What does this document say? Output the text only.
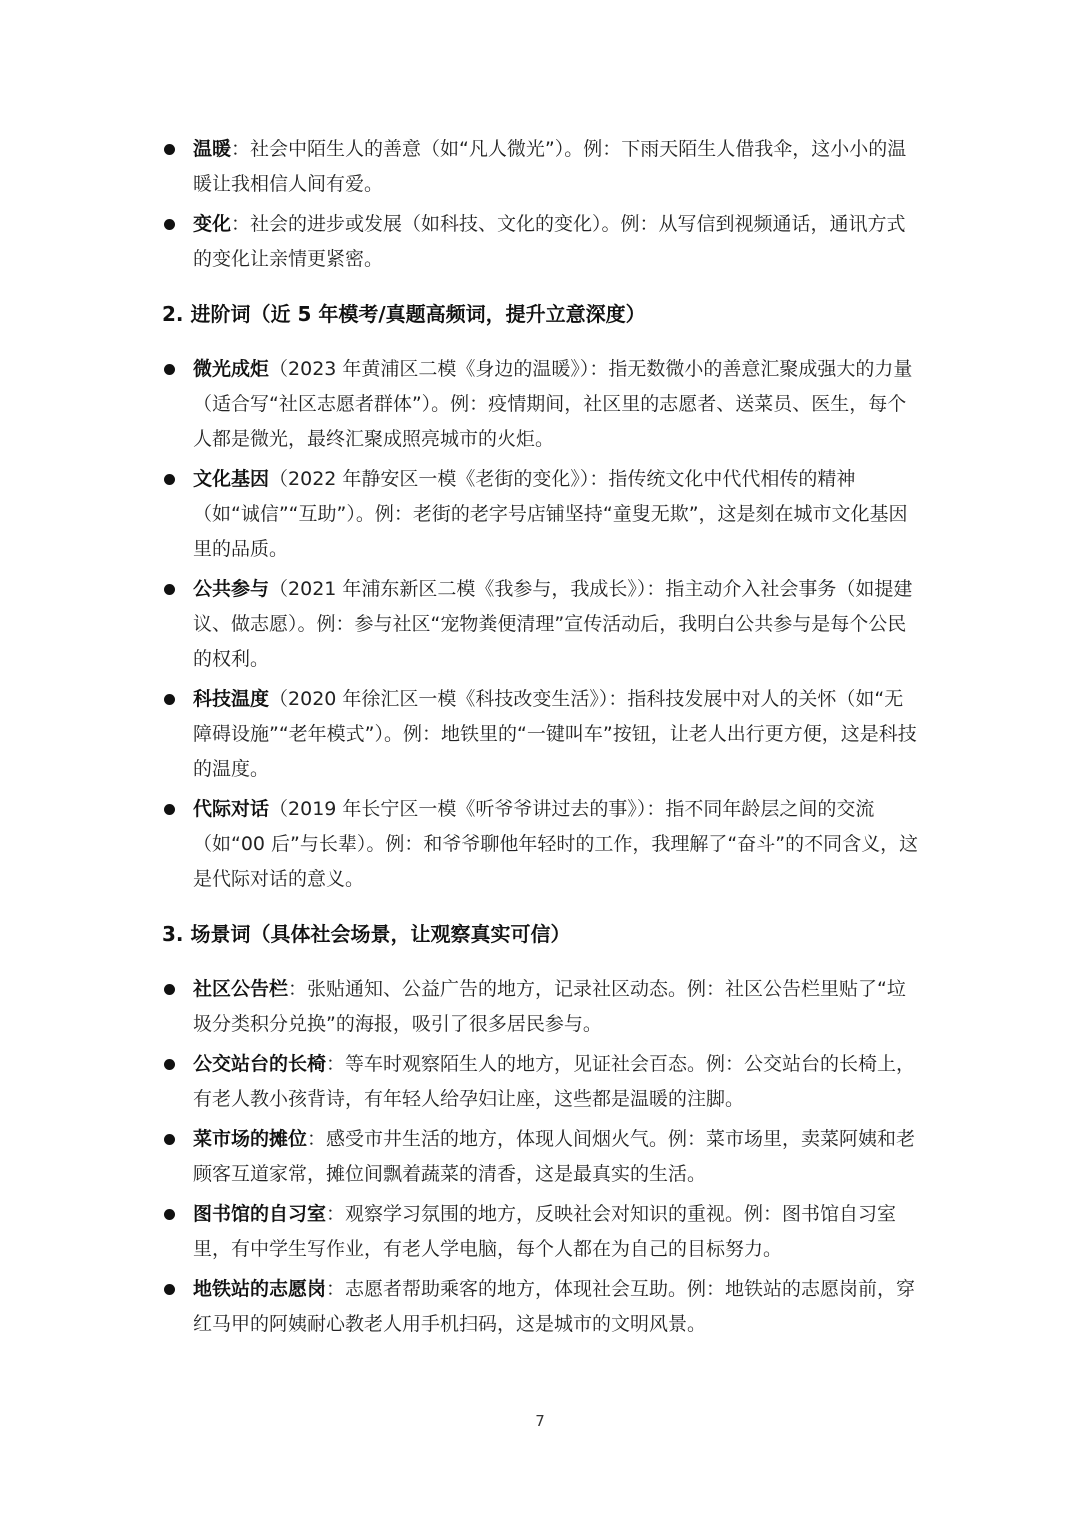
温暖：社会中陌生人的善意（如“凡人微光”）。例：下雨天陌生人借我伞，这小小的温暖让我相信人间有爱。
变化：社会的进步或发展（如科技、文化的变化）。例：从写信到视频通话，通讯方式的变化让亲情更紧密。
2. 进阶词（近 5 年模考/真题高频词，提升立意深度）
微光成炬（2023 年黄浦区二模《身边的温暖》）：指无数微小的善意汇聚成强大的力量（适合写“社区志愿者群体”）。例：疫情期间，社区里的志愿者、送菜员、医生，每个人都是微光，最终汇聚成照亮城市的火炬。
文化基因（2022 年静安区一模《老街的变化》）：指传统文化中代代相传的精神（如“诚信”“互助”）。例：老街的老字号店铺坚持“童叟无欺”，这是刻在城市文化基因里的品质。
公共参与（2021 年浦东新区二模《我参与，我成长》）：指主动介入社会事务（如提建议、做志愿）。例：参与社区“宠物粪便清理”宣传活动后，我明白公共参与是每个公民的权利。
科技温度（2020 年徐汇区一模《科技改变生活》）：指科技发展中对人的关怀（如“无障碍设施”“老年模式”）。例：地铁里的“一键叫车”按钮，让老人出行更方便，这是科技的温度。
代际对话（2019 年长宁区一模《听爷爷讲过去的事》）：指不同年龄层之间的交流（如“00 后”与长辈）。例：和爷爷聊他年轻时的工作，我理解了“奋斗”的不同含义，这是代际对话的意义。
3. 场景词（具体社会场景，让观察真实可信）
社区公告栏：张贴通知、公益广告的地方，记录社区动态。例：社区公告栏里贴了“垃圾分类积分兑换”的海报，吸引了很多居民参与。
公交站台的长椅：等车时观察陌生人的地方，见证社会百态。例：公交站台的长椅上，有老人教小孩背诗，有年轻人给孕妇让座，这些都是温暖的注脚。
菜市场的摊位：感受市井生活的地方，体现人间烟火气。例：菜市场里，卖菜阿姨和老顾客互道家常，摊位间飘着蔬菜的清香，这是最真实的生活。
图书馆的自习室：观察学习氛围的地方，反映社会对知识的重视。例：图书馆自习室里，有中学生写作业，有老人学电脑，每个人都在为自己的目标努力。
地铁站的志愿岗：志愿者帮助乘客的地方，体现社会互助。例：地铁站的志愿岗前，穿红马甲的阿姨耐心教老人用手机扫码，这是城市的文明风景。
7
